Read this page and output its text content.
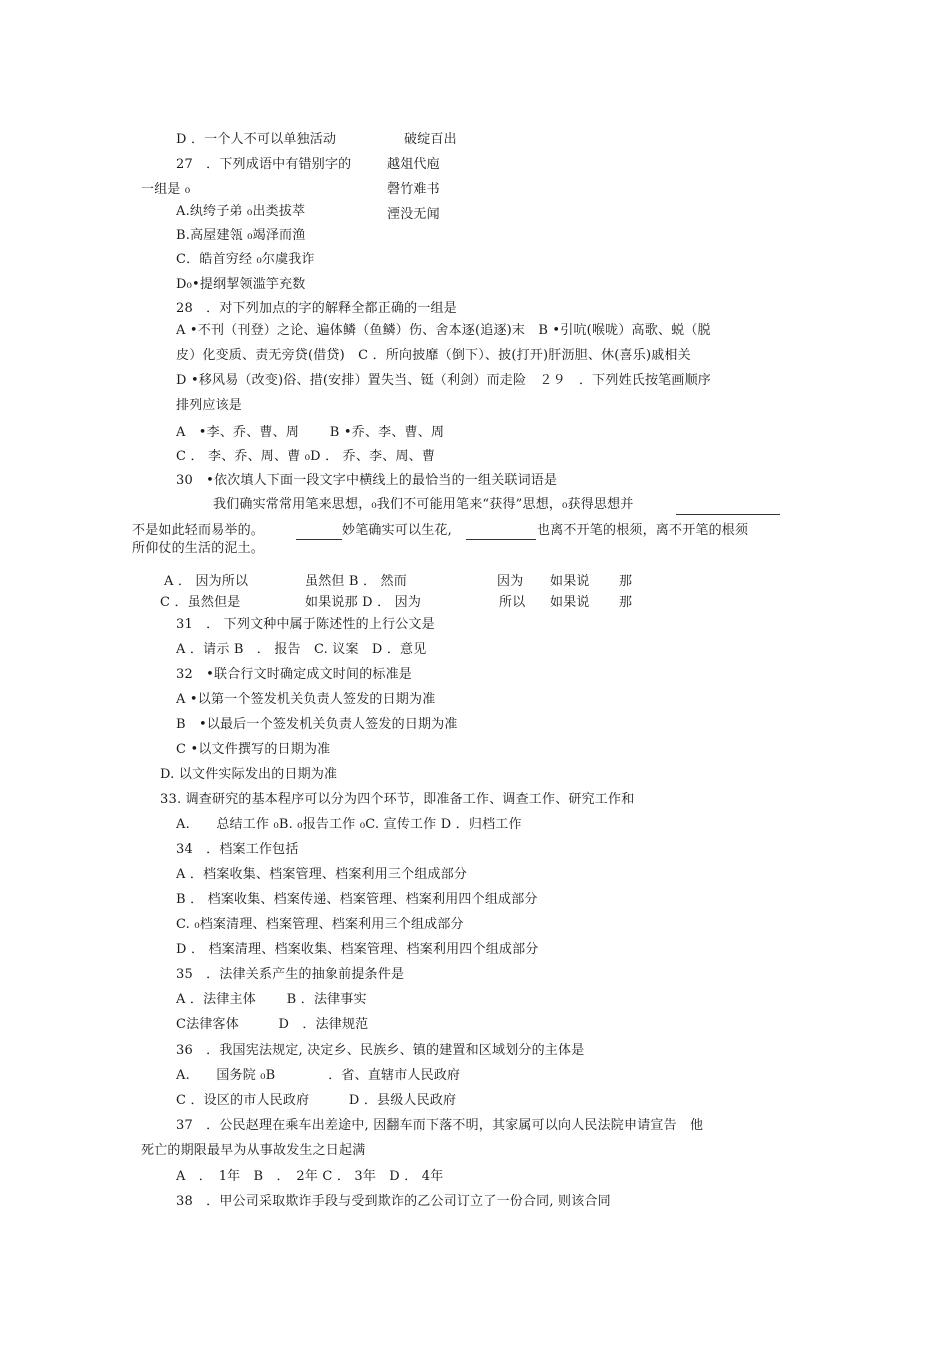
D ．一个人不可以单独活动	破绽百出
27　．下列成语中有错别字的	越俎代庖
一组是 ₀	磬竹难书
A.纨绔子弟 ₀出类拔萃	湮没无闻
B.高屋建瓴 ₀竭泽而渔
C．皓首穷经 ₀尔虞我诈
D₀•提纲挈领滥竽充数
28　．对下列加点的字的解释全都正确的一组是
A •不刊（刊登）之论、遍体鳞（鱼鳞）伤、舍本逐(追逐)末　B •引吭(喉咙）高歌、蜕（脱
皮）化变质、责无旁贷(借贷)　C ．所向披靡（倒下）、披(打开)肝沥胆、休(喜乐)戚相关
D •移风易（改变)俗、措(安排）置失当、铤（利剑）而走险　２９　．下列姓氏按笔画顺序
排列应该是
A　•李、乔、曹、周　　 B •乔、李、曹、周
C ． 李、乔、周、曹 ₀D ． 乔、李、周、曹
30　•依次填人下面一段文字中横线上的最恰当的一组关联词语是
我们确实常常用笔来思想，₀我们不可能用笔来“获得”思想，₀获得思想并
不是如此轻而易举的。	妙笔确实可以生花,	也离不开笔的根须，离不开笔的根须
所仰仗的生活的泥土。
A ． 因为所以	虽然但 B ． 然而	因为 如果说 那
C ．虽然但是	如果说那 D ． 因为	所以 如果说 那
31　． 下列文种中属于陈述性的上行公文是
A ．请示 B　． 报告　C. 议案　D ．意见
32　•联合行文时确定成文时间的标准是
A •以第一个签发机关负责人签发的日期为准
B　•以最后一个签发机关负责人签发的日期为准
C •以文件撰写的日期为准
D. 以文件实际发出的日期为准
33. 调查研究的基本程序可以分为四个环节，即准备工作、调查工作、研究工作和
A.　　总结工作 ₀B. ₀报告工作 ₀C. 宣传工作 D ．归档工作
34　．档案工作包括
A ．档案收集、档案管理、档案利用三个组成部分
B ． 档案收集、档案传递、档案管理、档案利用四个组成部分
C. ₀档案清理、档案管理、档案利用三个组成部分
D ． 档案清理、档案收集、档案管理、档案利用四个组成部分
35　．法律关系产生的抽象前提条件是
A ．法律主体　　 B ．法律事实
C法律客体　　　D　．法律规范
36　．我国宪法规定, 决定乡、民族乡、镇的建置和区域划分的主体是
A.　　国务院 ₀B　　　　．省、直辖市人民政府
C ．设区的市人民政府　　　D ．县级人民政府
37　．公民赵理在乘车出差途中, 因翻车而下落不明，其家属可以向人民法院申请宣告　他
死亡的期限最早为从事故发生之日起满
A　．　1年　B　．　2年 C ． 3年　D ． 4年
38　．甲公司采取欺诈手段与受到欺诈的乙公司订立了一份合同, 则该合同
